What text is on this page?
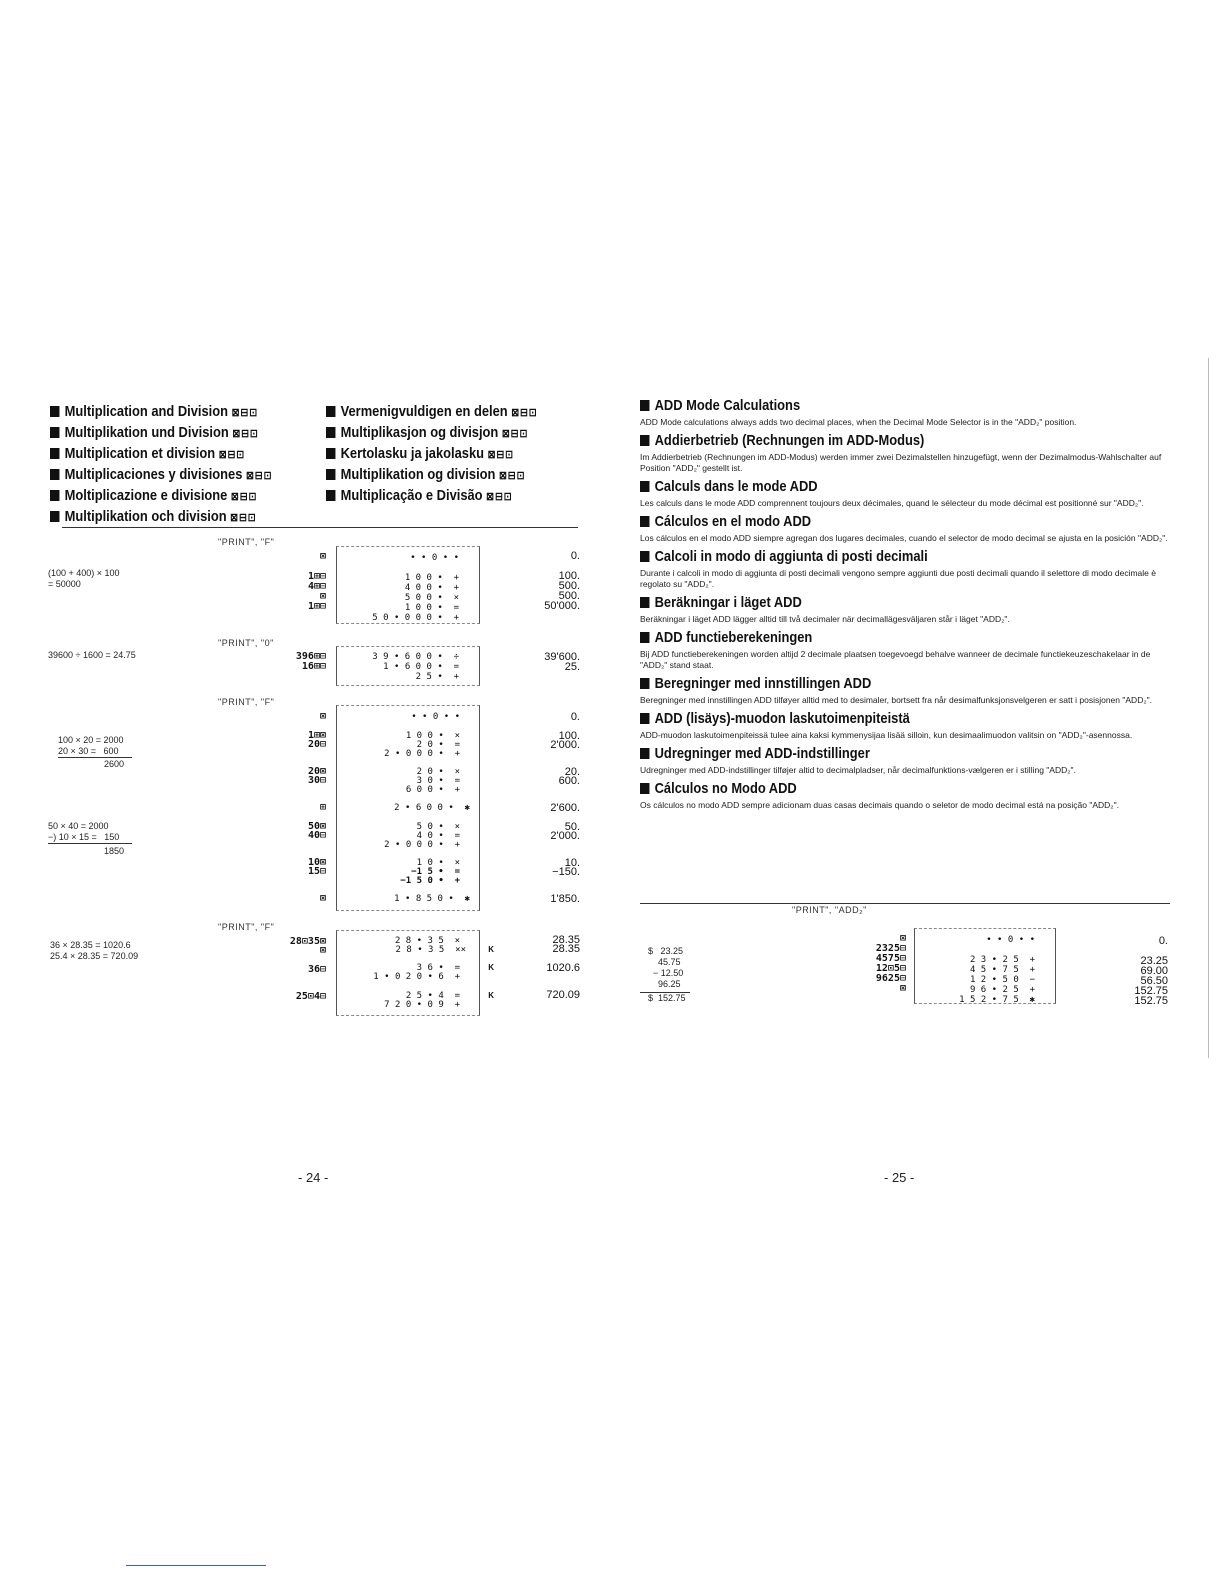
Multiplication and Division ⊠⊟⊡
Multiplikation und Division ⊠⊟⊡
Multiplication et division ⊠⊟⊡
Multiplicaciones y divisiones ⊠⊟⊡
Moltiplicazione e divisione ⊠⊟⊡
Multiplikation och division ⊠⊟⊡
Vermenigvuldigen en delen ⊠⊟⊡
Multiplikasjon og divisjon ⊠⊟⊡
Kertolasku ja jakolasku ⊠⊟⊡
Multiplikation og division ⊠⊟⊡
Multiplicação e Divisão ⊠⊟⊡
"PRINT", "F"
(100 + 400) × 100
= 50000
⊠

1⊞⊟
4⊞⊟
⊠
1⊞⊟
• • 0 • •

1 0 0 •  +
4 0 0 •  +
5 0 0 •  ×
1 0 0 •  =
5 0 • 0 0 0 •  +
0.

100.
500.
500.
50'000.
"PRINT", "0"
39600 ÷ 1600 = 24.75	396⊞⊟
16⊞⊟
3 9 • 6 0 0 •  ÷
1 • 6 0 0 •  =
2 5 •  +
39'600.
25.
"PRINT", "F"
100 × 20 = 2000
20 × 30 =   600
2600
50 × 40 = 2000
−) 10 × 15 =   150
1850
• • 0 • •
1 0 0 •  ×
2 0 •  =
2 • 0 0 0 •  +
2 0 •  ×
3 0 •  =
6 0 0 •  +
2 • 6 0 0 •  ✱
5 0 •  ×
4 0 •  =
2 • 0 0 0 •  +
1 0 •  ×
−1 5 •  =
−1 5 0 •  +
1 • 8 5 0 •  ✱
⊠
1⊞⊠
20⊟
20⊠
30⊟
⊞
50⊠
40⊟
10⊠
15⊟
⊠
0.
100.
2'000.
20.
600.
2'600.
50.
2'000.
10.
−150.
1'850.
"PRINT", "F"
36 × 28.35 = 1020.6
25.4 × 28.35 = 720.09
2 8 • 3 5  ×
2 8 • 3 5  ××
3 6 •  =
1 • 0 2 0 • 6  +
2 5 • 4  =
7 2 0 • 0 9  +
28⊡35⊠
⊠
36⊟
25⊡4⊟
K
K
K
28.35
28.35
1020.6
720.09
- 24 -
ADD Mode Calculations
ADD Mode calculations always adds two decimal places, when the Decimal Mode Selector is in the "ADD₂" position.
Addierbetrieb (Rechnungen im ADD-Modus)
Im Addierbetrieb (Rechnungen im ADD-Modus) werden immer zwei Dezimalstellen hinzugefügt, wenn der Dezimalmodus-Wahlschalter auf Position "ADD₂" gestellt ist.
Calculs dans le mode ADD
Les calculs dans le mode ADD comprennent toujours deux décimales, quand le sélecteur du mode décimal est positionné sur "ADD₂".
Cálculos en el modo ADD
Los cálculos en el modo ADD siempre agregan dos lugares decimales, cuando el selector de modo decimal se ajusta en la posición "ADD₂".
Calcoli in modo di aggiunta di posti decimali
Durante i calcoli in modo di aggiunta di posti decimali vengono sempre aggiunti due posti decimali quando il selettore di modo decimale è regolato su "ADD₂".
Beräkningar i läget ADD
Beräkningar i läget ADD lägger alltid till två decimaler när decimallägesväljaren står i läget "ADD₂".
ADD functieberekeningen
Bij ADD functieberekeningen worden altijd 2 decimale plaatsen toegevoegd behalve wanneer de decimale functiekeuzeschakelaar in de "ADD₂" stand staat.
Beregninger med innstillingen ADD
Beregninger med innstillingen ADD tilføyer alltid med to desimaler, bortsett fra når desimalfunksjonsvelgeren er satt i posisjonen "ADD₂".
ADD (lisäys)-muodon laskutoimenpiteistä
ADD-muodon laskutoimenpiteissä tulee aina kaksi kymmenysijaa lisää silloin, kun desimaalimuodon valitsin on "ADD₂"-asennossa.
Udregninger med ADD-indstillinger
Udregninger med ADD-indstillinger tilføjer altid to decimalpladser, når decimalfunktions-vælgeren er i stilling "ADD₂".
Cálculos no Modo ADD
Os cálculos no modo ADD sempre adicionam duas casas decimais quando o seletor de modo decimal está na posição "ADD₂".
"PRINT", "ADD₂"
$   23.25
45.75
− 12.50
96.25
$  152.75
⊠
2325⊟
4575⊟
12⊡5⊟
9625⊟
⊠
• • 0 • •

2 3 • 2 5  +
4 5 • 7 5  +
1 2 • 5 0  −
9 6 • 2 5  +
1 5 2 • 7 5  ✱
0.

23.25
69.00
56.50
152.75
152.75
- 25 -
